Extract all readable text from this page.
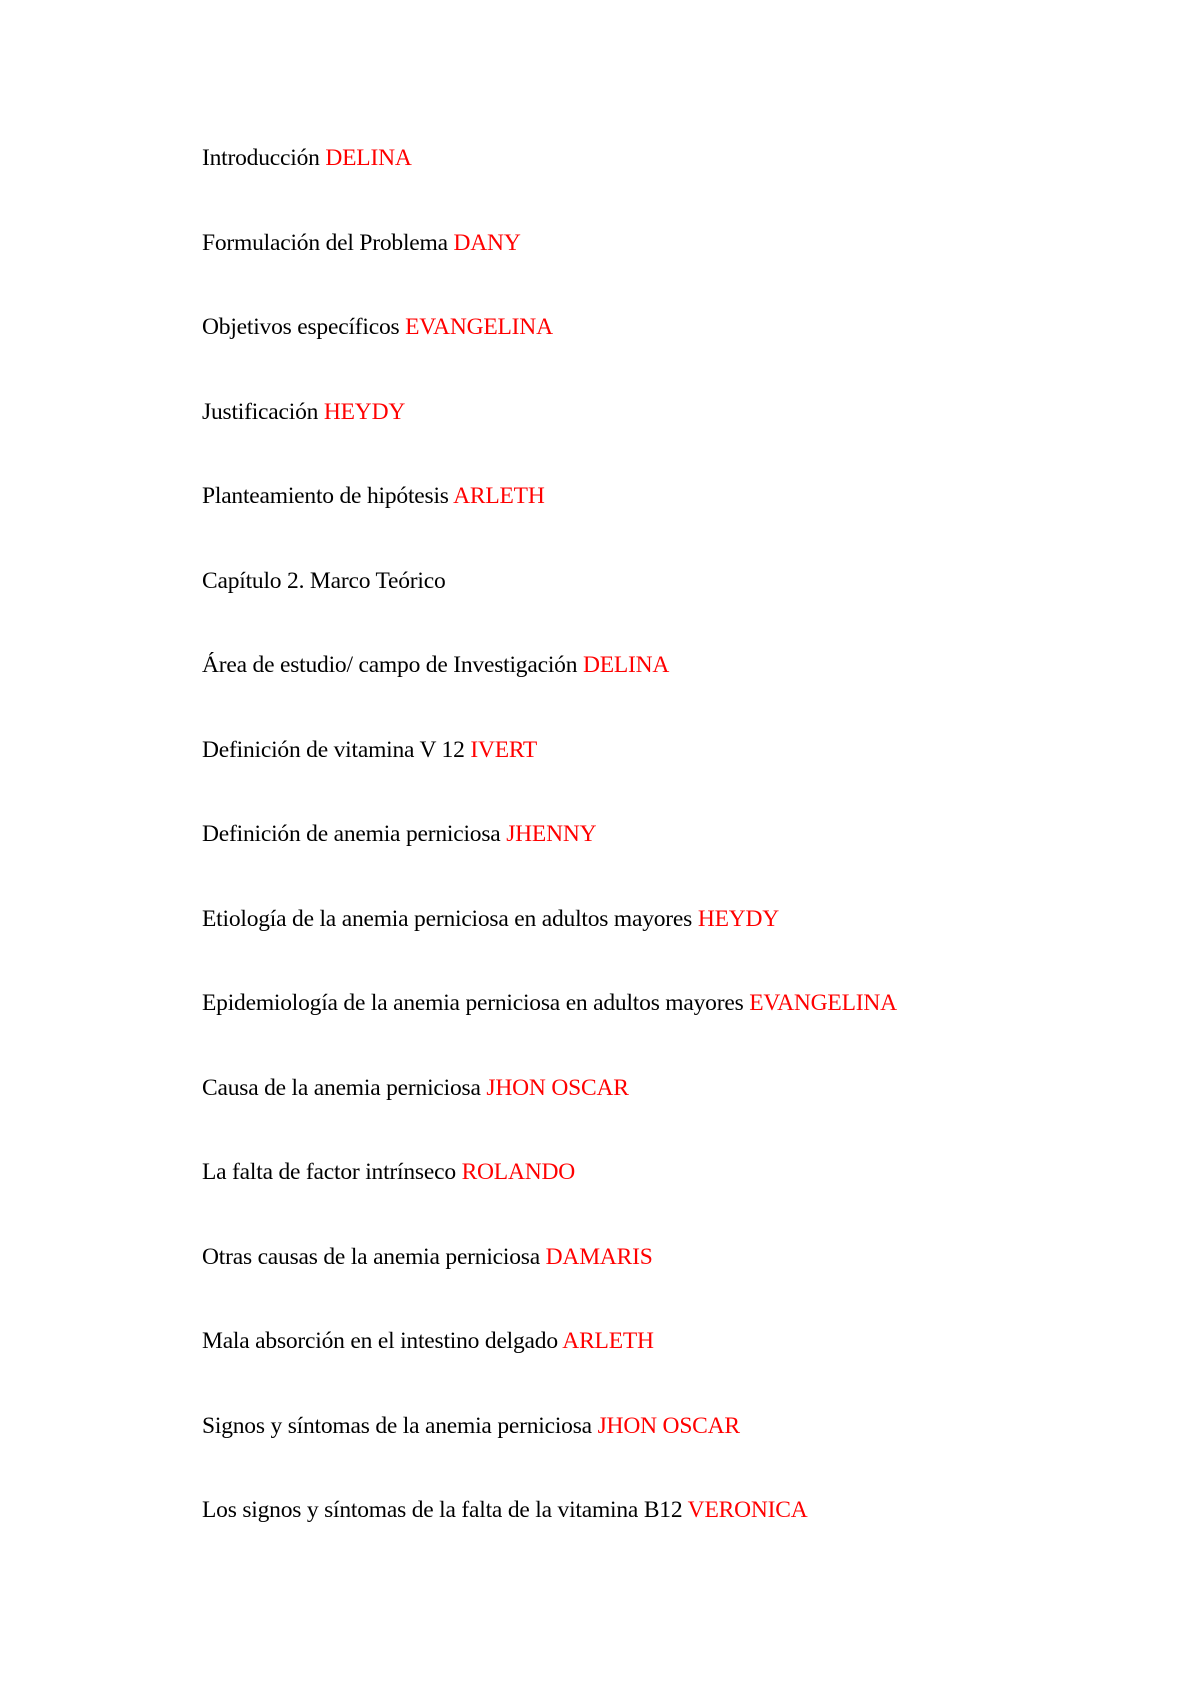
Introducción DELINA
Formulación del Problema DANY
Objetivos específicos EVANGELINA
Justificación HEYDY
Planteamiento de hipótesis ARLETH
Capítulo 2. Marco Teórico
Área de estudio/ campo de Investigación DELINA
Definición de vitamina V 12 IVERT
Definición de anemia perniciosa JHENNY
Etiología de la anemia perniciosa en adultos mayores HEYDY
Epidemiología de la anemia perniciosa en adultos mayores EVANGELINA
Causa de la anemia perniciosa JHON OSCAR
La falta de factor intrínseco ROLANDO
Otras causas de la anemia perniciosa DAMARIS
Mala absorción en el intestino delgado ARLETH
Signos y síntomas de la anemia perniciosa JHON OSCAR
Los signos y síntomas de la falta de la vitamina B12 VERONICA
